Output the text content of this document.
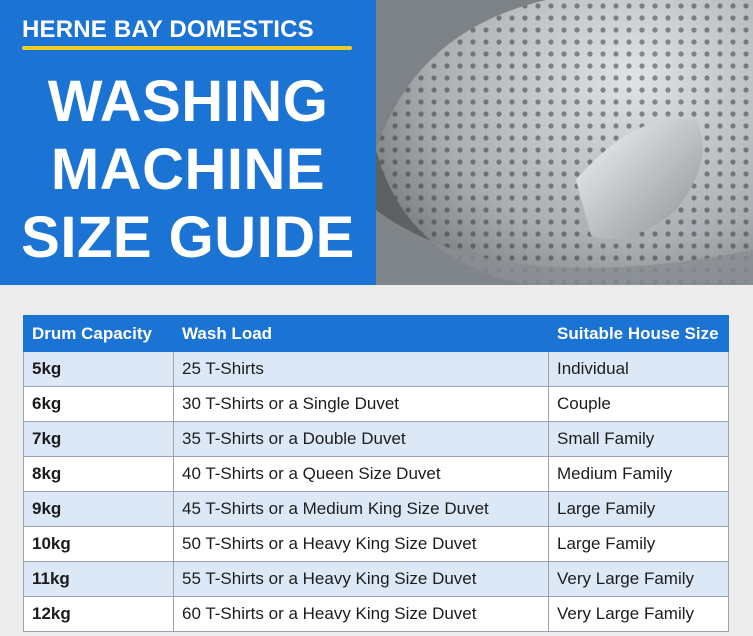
HERNE BAY DOMESTICS
WASHING
MACHINE
SIZE GUIDE
Drum Capacity	Wash Load	Suitable House Size
5kg	25 T-Shirts	Individual
6kg	30 T-Shirts or a Single Duvet	Couple
7kg	35 T-Shirts or a Double Duvet	Small Family
8kg	40 T-Shirts or a Queen Size Duvet	Medium Family
9kg	45 T-Shirts or a Medium King Size Duvet	Large Family
10kg	50 T-Shirts or a Heavy King Size Duvet	Large Family
11kg	55 T-Shirts or a Heavy King Size Duvet	Very Large Family
12kg	60 T-Shirts or a Heavy King Size Duvet	Very Large Family
